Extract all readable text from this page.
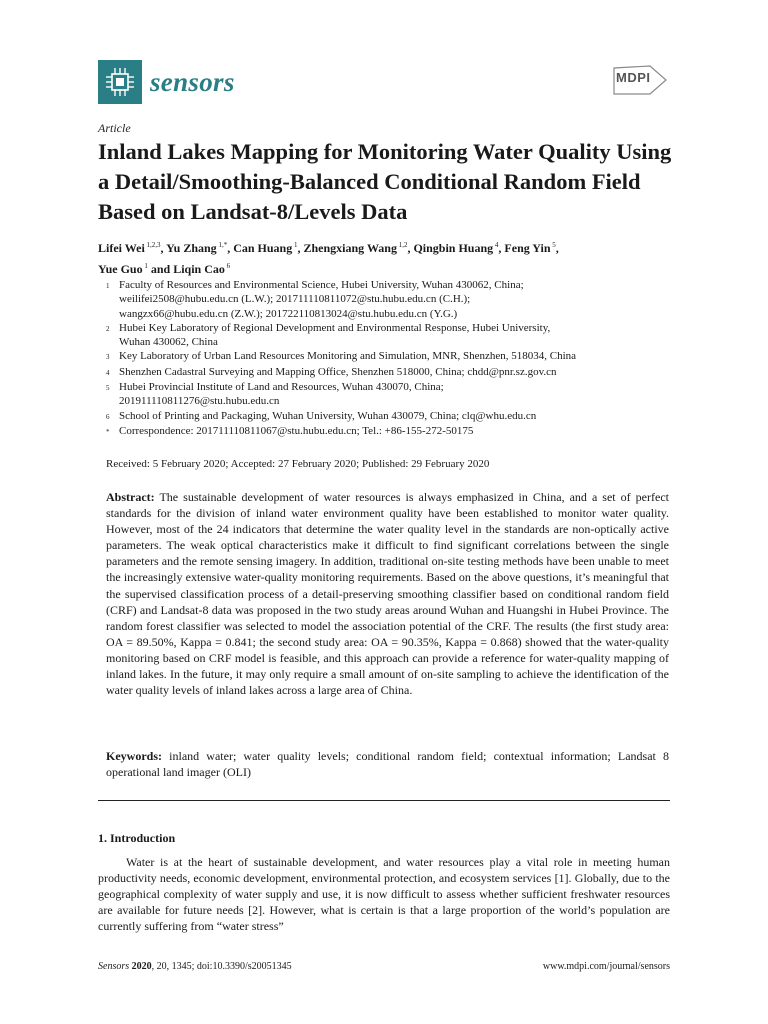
sensors	MDPI
Article
Inland Lakes Mapping for Monitoring Water Quality Using a Detail/Smoothing-Balanced Conditional Random Field Based on Landsat-8/Levels Data
Lifei Wei $^{1,2,3}$, Yu Zhang $^{1,*}$, Can Huang $^1$, Zhengxiang Wang $^{1,2}$, Qingbin Huang $^4$, Feng Yin $^5$,
Yue Guo $^1$ and Liqin Cao $^6$
1 Faculty of Resources and Environmental Science, Hubei University, Wuhan 430062, China;
weilifei2508@hubu.edu.cn (L.W.); 201711110811072@stu.hubu.edu.cn (C.H.);
wangzx66@hubu.edu.cn (Z.W.); 201722110813024@stu.hubu.edu.cn (Y.G.)
2 Hubei Key Laboratory of Regional Development and Environmental Response, Hubei University,
Wuhan 430062, China
3 Key Laboratory of Urban Land Resources Monitoring and Simulation, MNR, Shenzhen, 518034, China
4 Shenzhen Cadastral Surveying and Mapping Office, Shenzhen 518000, China; chdd@pnr.sz.gov.cn
5 Hubei Provincial Institute of Land and Resources, Wuhan 430070, China;
201911110811276@stu.hubu.edu.cn
6 School of Printing and Packaging, Wuhan University, Wuhan 430079, China; clq@whu.edu.cn
* Correspondence: 201711110811067@stu.hubu.edu.cn; Tel.: +86-155-272-50175
Received: 5 February 2020; Accepted: 27 February 2020; Published: 29 February 2020
Abstract: The sustainable development of water resources is always emphasized in China, and a set of perfect standards for the division of inland water environment quality have been established to monitor water quality. However, most of the 24 indicators that determine the water quality level in the standards are non-optically active parameters. The weak optical characteristics make it difficult to find significant correlations between the single parameters and the remote sensing imagery. In addition, traditional on-site testing methods have been unable to meet the increasingly extensive water-quality monitoring requirements. Based on the above questions, it’s meaningful that the supervised classification process of a detail-preserving smoothing classifier based on conditional random field (CRF) and Landsat-8 data was proposed in the two study areas around Wuhan and Huangshi in Hubei Province. The random forest classifier was selected to model the association potential of the CRF. The results (the first study area: OA = 89.50%, Kappa = 0.841; the second study area: OA = 90.35%, Kappa = 0.868) showed that the water-quality monitoring based on CRF model is feasible, and this approach can provide a reference for water-quality mapping of inland lakes. In the future, it may only require a small amount of on-site sampling to achieve the identification of the water quality levels of inland lakes across a large area of China.
Keywords: inland water; water quality levels; conditional random field; contextual information; Landsat 8 operational land imager (OLI)
1. Introduction

Water is at the heart of sustainable development, and water resources play a vital role in meeting human productivity needs, economic development, environmental protection, and ecosystem services [1]. Globally, due to the geographical complexity of water supply and use, it is now difficult to assess whether sufficient freshwater resources are available for future needs [2]. However, what is certain is that a large proportion of the world’s population are currently suffering from “water stress”

Sensors 2020, 20, 1345; doi:10.3390/s20051345	www.mdpi.com/journal/sensors
